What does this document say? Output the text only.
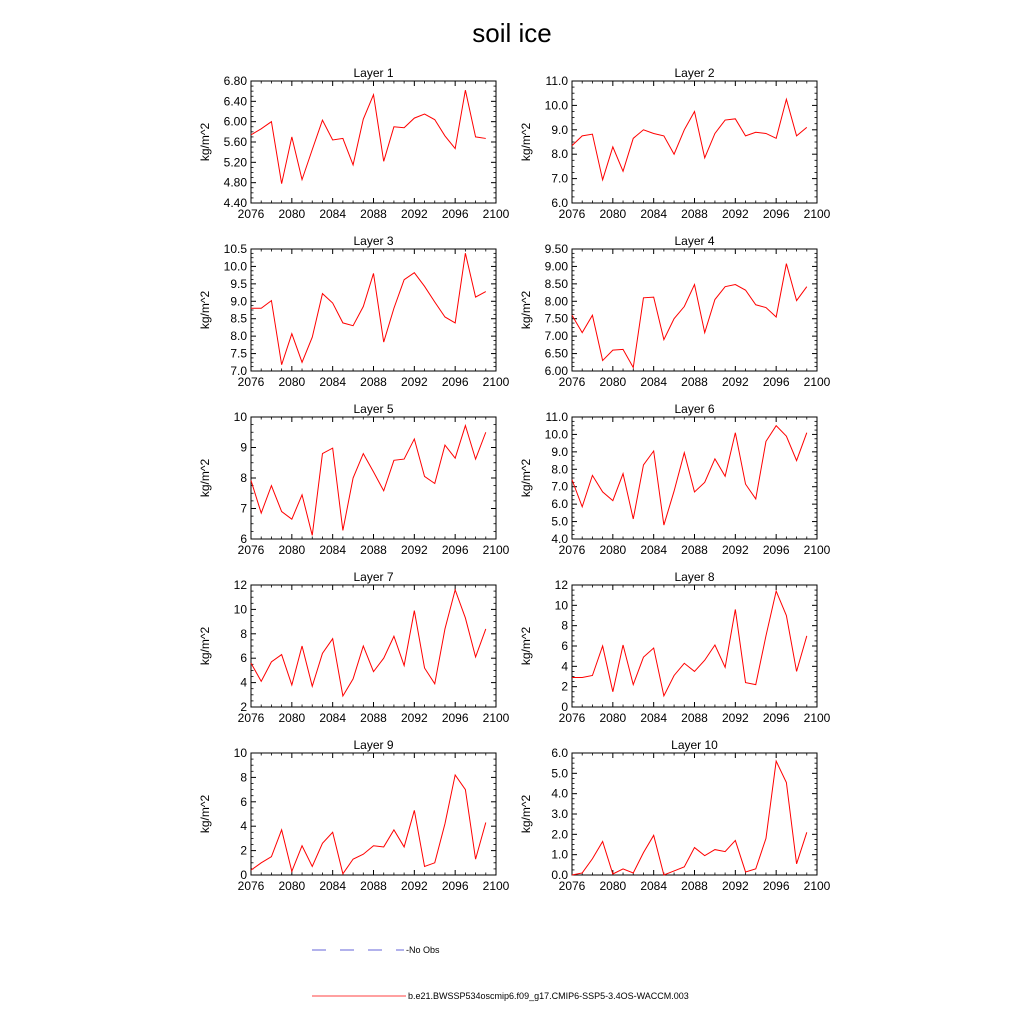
soil ice
Layer 1
kg/m^2
2076 2080 2084 2088 2092 2096 2100
4.40
4.80
5.20
5.60
6.00
6.40
6.80
Layer 2
kg/m^2
2076 2080 2084 2088 2092 2096 2100
6.0
7.0
8.0
9.0
10.0
11.0
Layer 3
kg/m^2
2076 2080 2084 2088 2092 2096 2100
7.0
7.5
8.0
8.5
9.0
9.5
10.0
10.5
Layer 4
kg/m^2
2076 2080 2084 2088 2092 2096 2100
6.00
6.50
7.00
7.50
8.00
8.50
9.00
9.50
Layer 5
kg/m^2
2076 2080 2084 2088 2092 2096 2100
6
7
8
9
10
Layer 6
kg/m^2
2076 2080 2084 2088 2092 2096 2100
4.0
5.0
6.0
7.0
8.0
9.0
10.0
11.0
Layer 7
kg/m^2
2076 2080 2084 2088 2092 2096 2100
2
4
6
8
10
12
Layer 8
kg/m^2
2076 2080 2084 2088 2092 2096 2100
0
2
4
6
8
10
12
Layer 9
kg/m^2
2076 2080 2084 2088 2092 2096 2100
0
2
4
6
8
10
Layer 10
kg/m^2
2076 2080 2084 2088 2092 2096 2100
0.0
1.0
2.0
3.0
4.0
5.0
6.0
-No Obs
b.e21.BWSSP534oscmip6.f09_g17.CMIP6-SSP5-3.4OS-WACCM.003
